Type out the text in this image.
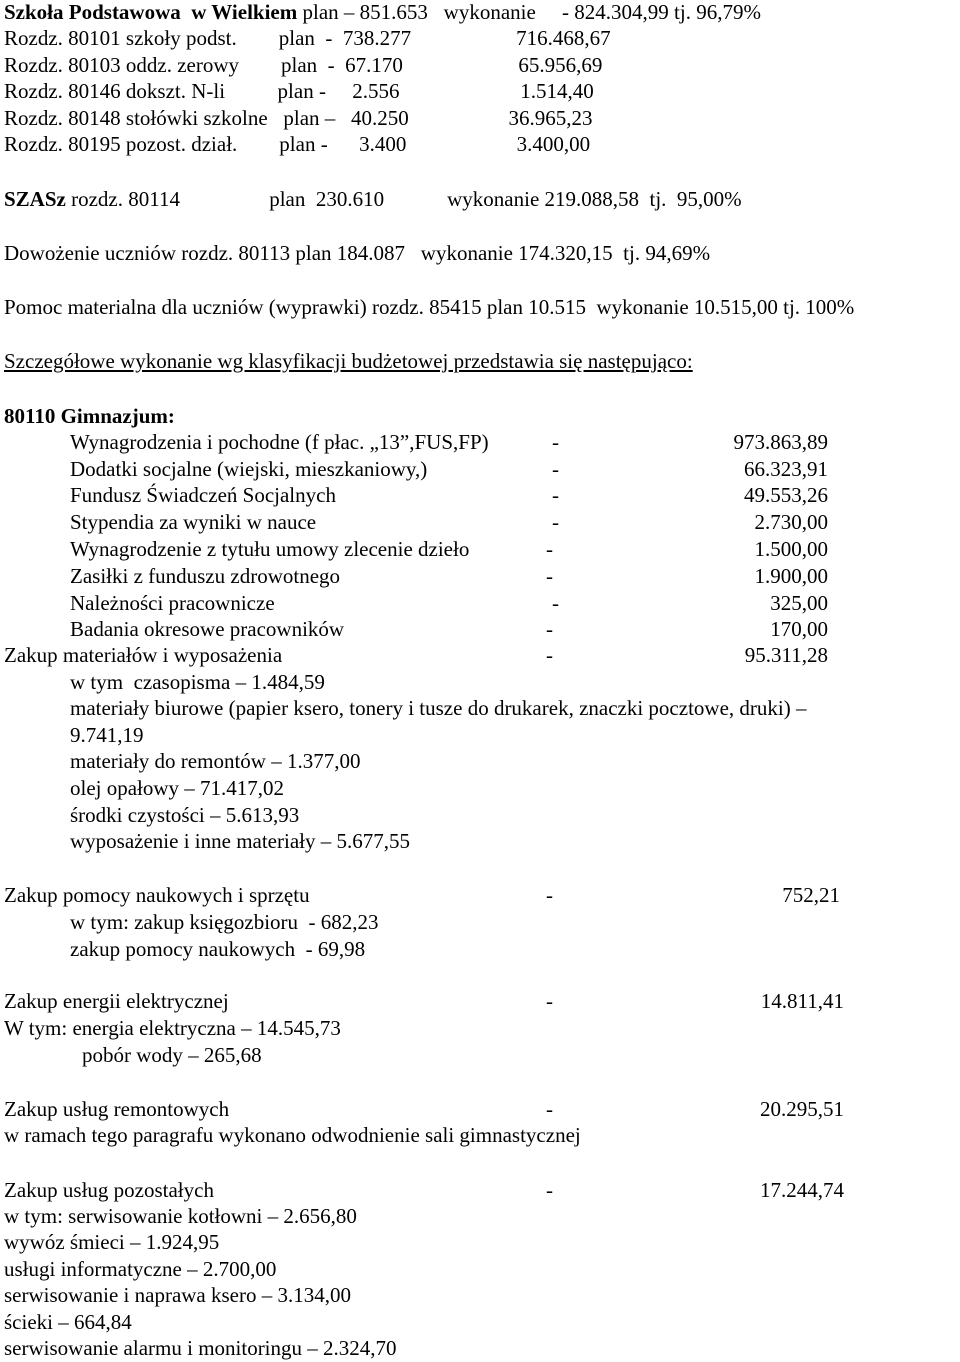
Szkoła Podstawowa  w Wielkiem plan – 851.653   wykonanie     - 824.304,99 tj. 96,79%
Rozdz. 80101 szkoły podst.        plan  -  738.277                    716.468,67
Rozdz. 80103 oddz. zerowy        plan  -  67.170                      65.956,69
Rozdz. 80146 dokszt. N-li          plan -     2.556                       1.514,40
Rozdz. 80148 stołówki szkolne   plan –   40.250                   36.965,23
Rozdz. 80195 pozost. dział.        plan -      3.400                     3.400,00
SZASz rozdz. 80114                 plan  230.610            wykonanie 219.088,58  tj.  95,00%
Dowożenie uczniów rozdz. 80113 plan 184.087   wykonanie 174.320,15  tj. 94,69%
Pomoc materialna dla uczniów (wyprawki) rozdz. 85415 plan 10.515  wykonanie 10.515,00 tj. 100%
Szczegółowe wykonanie wg klasyfikacji budżetowej przedstawia się następująco:
80110 Gimnazjum:
Wynagrodzenia i pochodne (f płac. „13”,FUS,FP)	-	973.863,89
Dodatki socjalne (wiejski, mieszkaniowy,)	-	66.323,91
Fundusz Świadczeń Socjalnych	-	49.553,26
Stypendia za wyniki w nauce	-	2.730,00
Wynagrodzenie z tytułu umowy zlecenie dzieło	-	1.500,00
Zasiłki z funduszu zdrowotnego	-	1.900,00
Należności pracownicze	-	325,00
Badania okresowe pracowników	-	170,00
Zakup materiałów i wyposażenia	-	95.311,28
w tym  czasopisma – 1.484,59
materiały biurowe (papier ksero, tonery i tusze do drukarek, znaczki pocztowe, druki) –
9.741,19
materiały do remontów – 1.377,00
olej opałowy – 71.417,02
środki czystości – 5.613,93
wyposażenie i inne materiały – 5.677,55
Zakup pomocy naukowych i sprzętu	-	752,21
w tym: zakup księgozbioru  - 682,23
zakup pomocy naukowych  - 69,98
Zakup energii elektrycznej	-	14.811,41
W tym: energia elektryczna – 14.545,73
pobór wody – 265,68
Zakup usług remontowych	-	20.295,51
w ramach tego paragrafu wykonano odwodnienie sali gimnastycznej
Zakup usług pozostałych	-	17.244,74
w tym: serwisowanie kotłowni – 2.656,80
wywóz śmieci – 1.924,95
usługi informatyczne – 2.700,00
serwisowanie i naprawa ksero – 3.134,00
ścieki – 664,84
serwisowanie alarmu i monitoringu – 2.324,70
